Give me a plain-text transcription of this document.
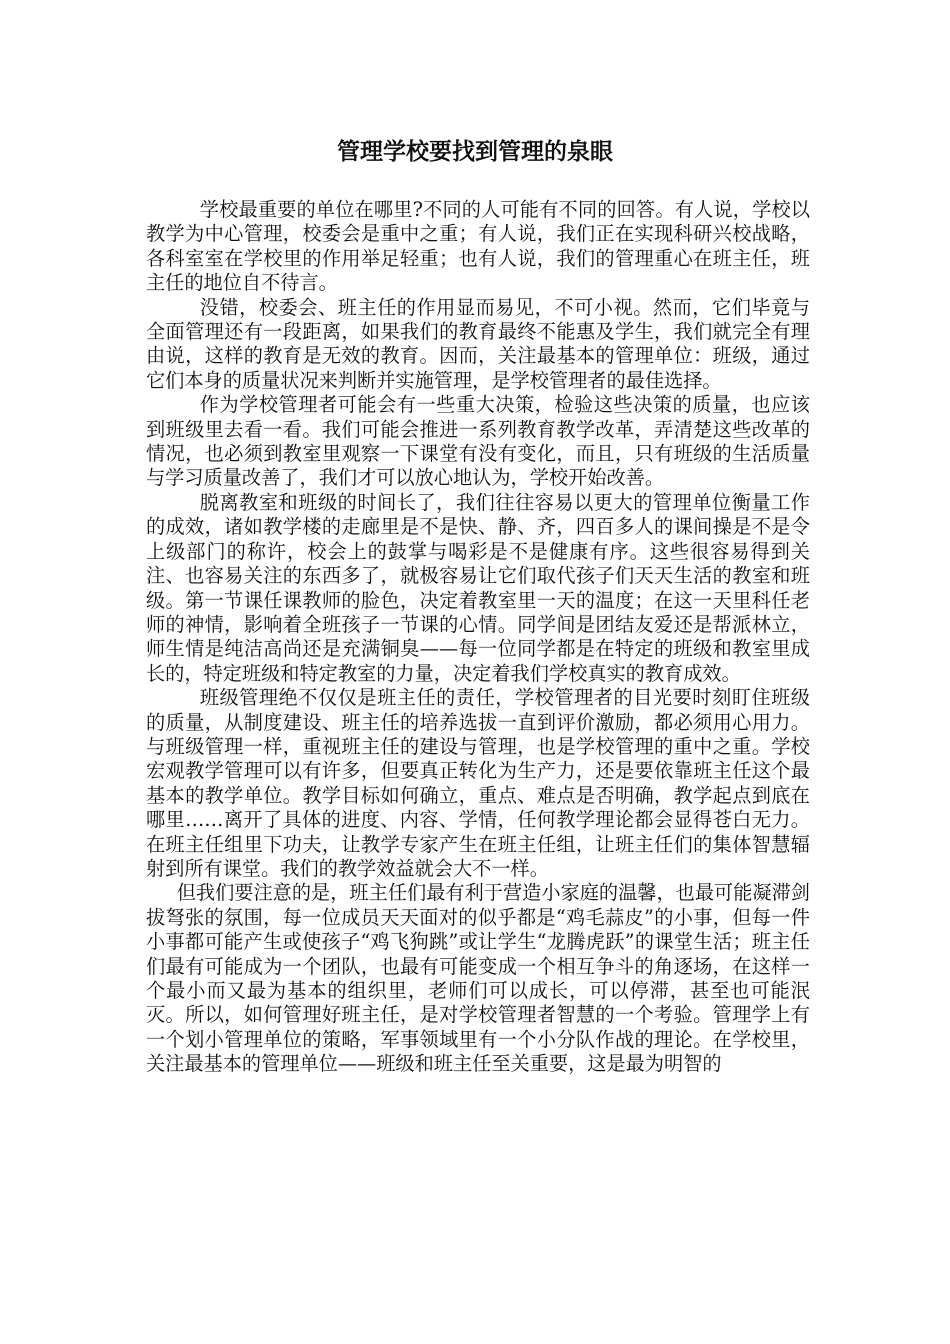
管理学校要找到管理的泉眼

学校最重要的单位在哪里?不同的人可能有不同的回答。有人说，学校以教学为中心管理，校委会是重中之重；有人说，我们正在实现科研兴校战略，各科室室在学校里的作用举足轻重；也有人说，我们的管理重心在班主任，班主任的地位自不待言。

没错，校委会、班主任的作用显而易见，不可小视。然而，它们毕竟与全面管理还有一段距离，如果我们的教育最终不能惠及学生，我们就完全有理由说，这样的教育是无效的教育。因而，关注最基本的管理单位：班级，通过它们本身的质量状况来判断并实施管理，是学校管理者的最佳选择。

作为学校管理者可能会有一些重大决策，检验这些决策的质量，也应该到班级里去看一看。我们可能会推进一系列教育教学改革，弄清楚这些改革的情况，也必须到教室里观察一下课堂有没有变化，而且，只有班级的生活质量与学习质量改善了，我们才可以放心地认为，学校开始改善。

脱离教室和班级的时间长了，我们往往容易以更大的管理单位衡量工作的成效，诸如教学楼的走廊里是不是快、静、齐，四百多人的课间操是不是令上级部门的称许，校会上的鼓掌与喝彩是不是健康有序。这些很容易得到关注、也容易关注的东西多了，就极容易让它们取代孩子们天天生活的教室和班级。第一节课任课教师的脸色，决定着教室里一天的温度；在这一天里科任老师的神情，影响着全班孩子一节课的心情。同学间是团结友爱还是帮派林立，师生情是纯洁高尚还是充满铜臭——每一位同学都是在特定的班级和教室里成长的，特定班级和特定教室的力量，决定着我们学校真实的教育成效。

班级管理绝不仅仅是班主任的责任，学校管理者的目光要时刻盯住班级的质量，从制度建设、班主任的培养选拔一直到评价激励，都必须用心用力。与班级管理一样，重视班主任的建设与管理，也是学校管理的重中之重。学校宏观教学管理可以有许多，但要真正转化为生产力，还是要依靠班主任这个最基本的教学单位。教学目标如何确立，重点、难点是否明确，教学起点到底在哪里……离开了具体的进度、内容、学情，任何教学理论都会显得苍白无力。在班主任组里下功夫，让教学专家产生在班主任组，让班主任们的集体智慧辐射到所有课堂。我们的教学效益就会大不一样。

但我们要注意的是，班主任们最有利于营造小家庭的温馨，也最可能凝滞剑拔弩张的氛围，每一位成员天天面对的似乎都是“鸡毛蒜皮”的小事，但每一件小事都可能产生或使孩子“鸡飞狗跳”或让学生“龙腾虎跃”的课堂生活；班主任们最有可能成为一个团队，也最有可能变成一个相互争斗的角逐场，在这样一个最小而又最为基本的组织里，老师们可以成长，可以停滞，甚至也可能泯灭。所以，如何管理好班主任，是对学校管理者智慧的一个考验。管理学上有一个划小管理单位的策略，军事领域里有一个小分队作战的理论。在学校里，关注最基本的管理单位——班级和班主任至关重要，这是最为明智的
